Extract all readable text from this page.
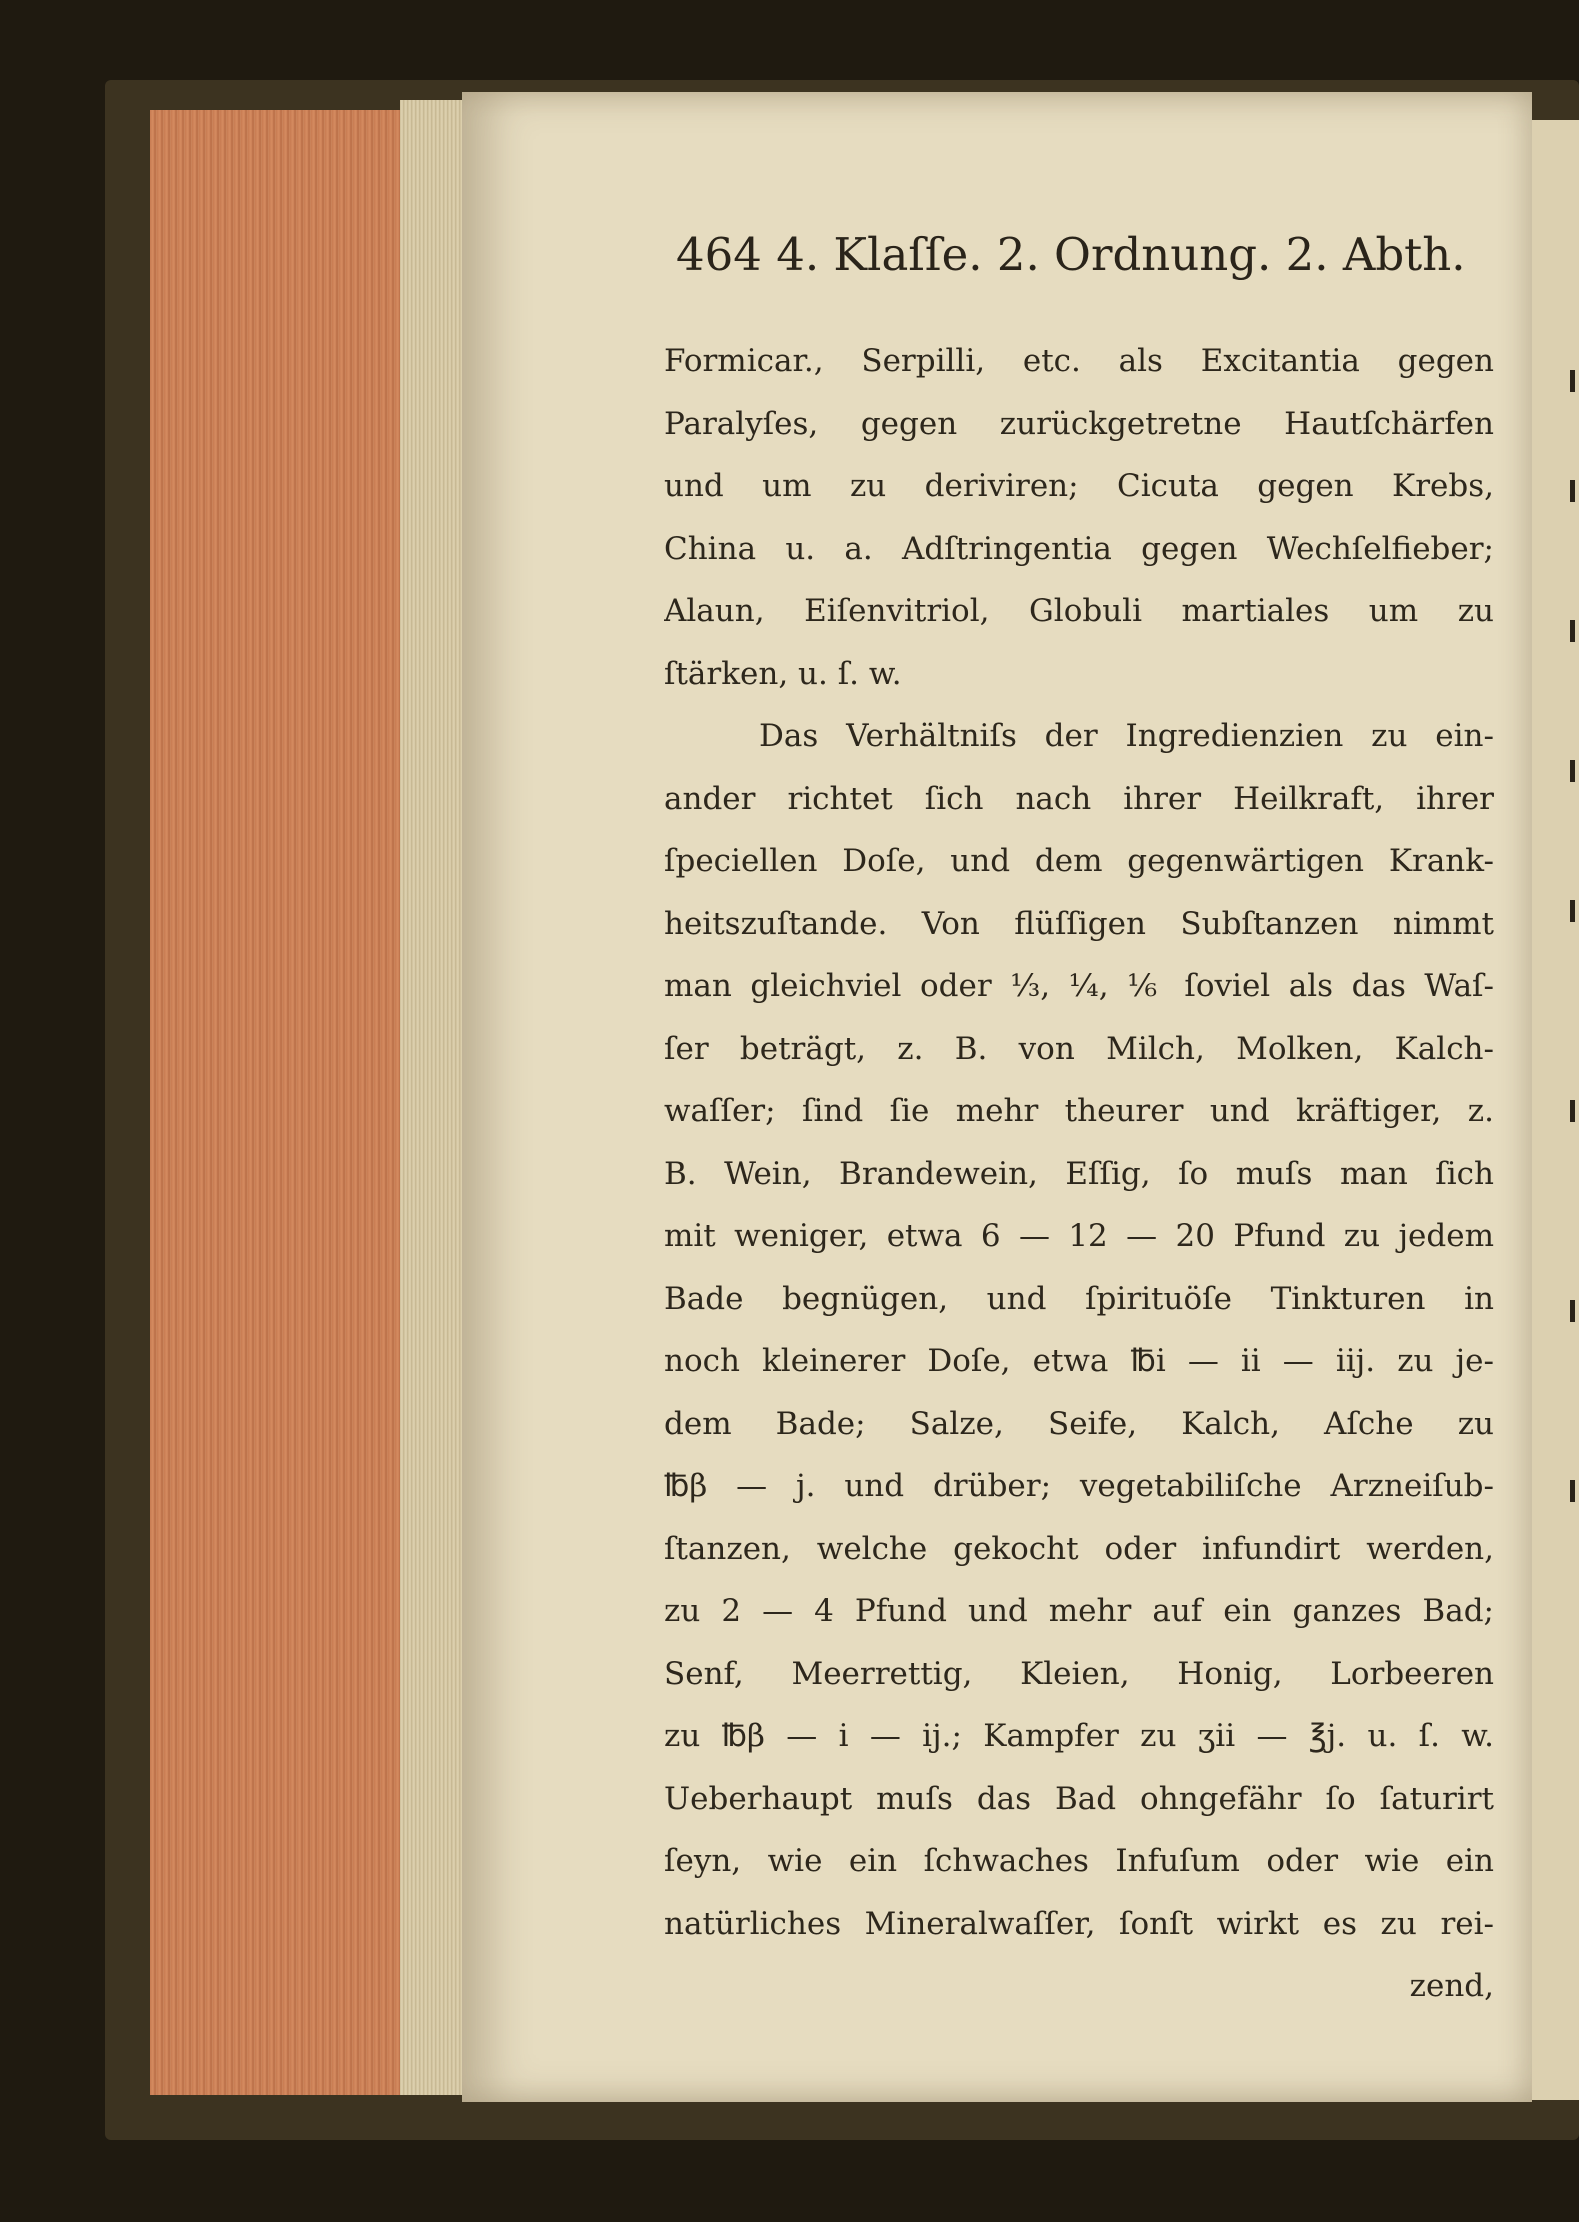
464 4. Klaſſe. 2. Ordnung. 2. Abth.
Formicar., Serpilli, etc. als Excitantia gegen
Paralyſes, gegen zurückgetretne Hautſchärfen
und um zu deriviren; Cicuta gegen Krebs,
China u. a. Adſtringentia gegen Wechſelfieber;
Alaun, Eiſenvitriol, Globuli martiales um zu
ſtärken, u. ſ. w.
Das Verhältniſs der Ingredienzien zu ein-
ander richtet ſich nach ihrer Heilkraft, ihrer
ſpeciellen Doſe, und dem gegenwärtigen Krank-
heitszuſtande. Von flüſſigen Subſtanzen nimmt
man gleichviel oder ⅓, ¼, ⅙ ſoviel als das Waſ-
ſer beträgt, z. B. von Milch, Molken, Kalch-
waſſer; ſind ſie mehr theurer und kräftiger, z.
B. Wein, Brandewein, Eſſig, ſo muſs man ſich
mit weniger, etwa 6 — 12 — 20 Pfund zu jedem
Bade begnügen, und ſpirituöſe Tinkturen in
noch kleinerer Doſe, etwa ℔i — ii — iij. zu je-
dem Bade; Salze, Seife, Kalch, Aſche zu
℔β — j. und drüber; vegetabiliſche Arzneiſub-
ſtanzen, welche gekocht oder infundirt werden,
zu 2 — 4 Pfund und mehr auf ein ganzes Bad;
Senf, Meerrettig, Kleien, Honig, Lorbeeren
zu ℔β — i — ij.; Kampfer zu ʒii — ℥j. u. ſ. w.
Ueberhaupt muſs das Bad ohngefähr ſo ſaturirt
ſeyn, wie ein ſchwaches Infuſum oder wie ein
natürliches Mineralwaſſer, ſonſt wirkt es zu rei-
zend,
